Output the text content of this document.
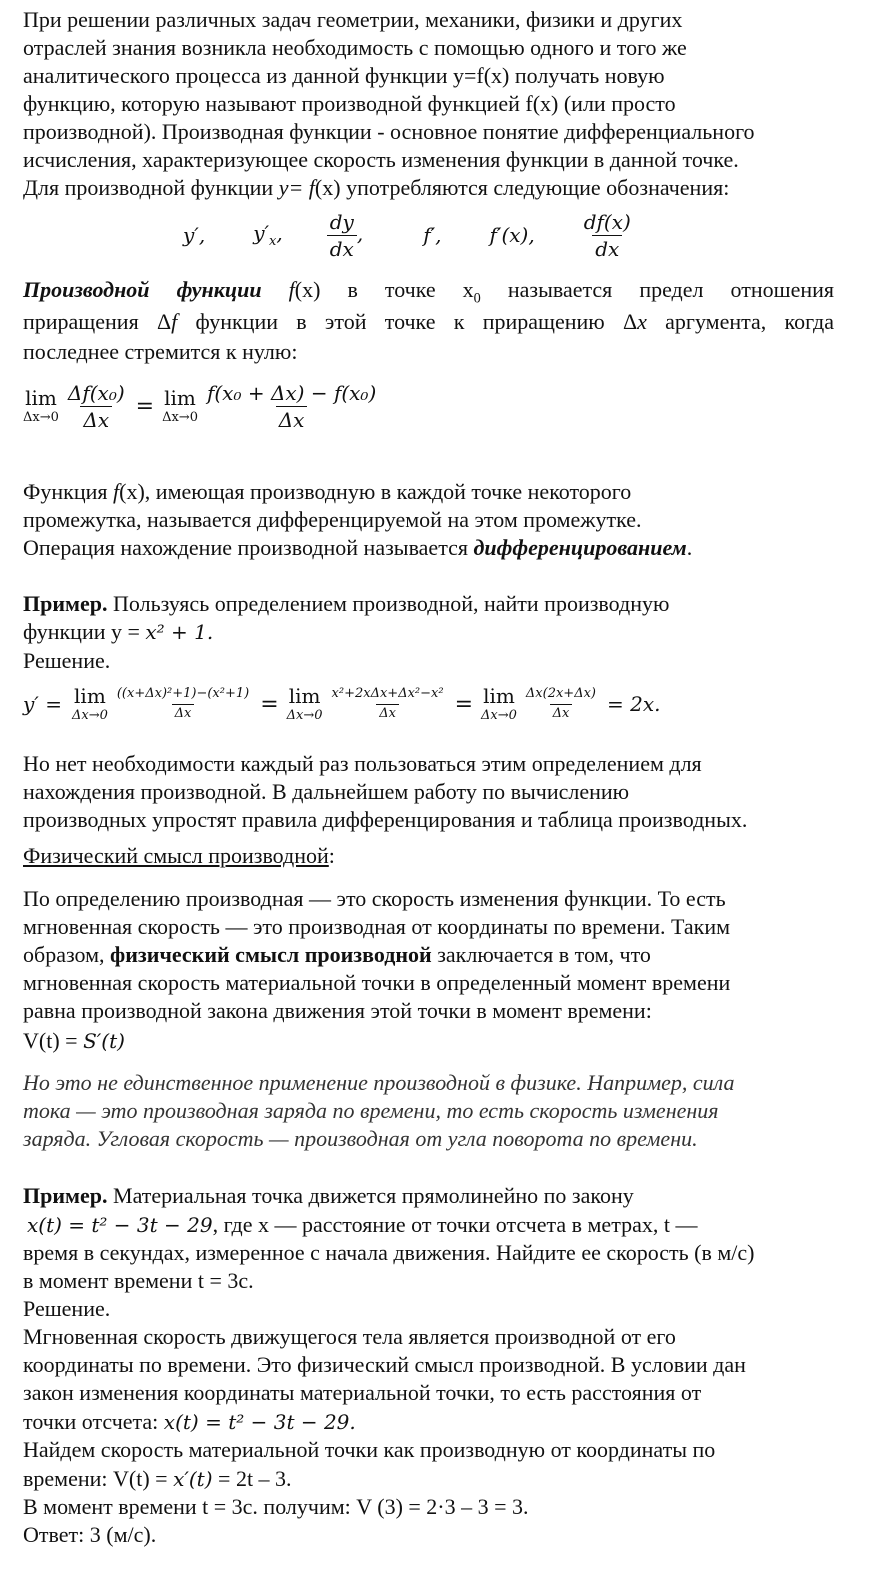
При решении различных задач геометрии, механики, физики и других
отраслей знания возникла необходимость с помощью одного и того же
аналитического процесса из данной функции y=f(x) получать новую
функцию, которую называют производной функцией f(x) (или просто
производной). Производная функции - основное понятие дифференциального
исчисления, характеризующее скорость изменения функции в данной точке.
Для производной функции y= f(x) употребляются следующие обозначения:
y′, $y'_x$, $\frac{dy}{dx}$ ,	f′, f′(x), $\frac{df(x)}{dx}$
Производной функции f(x) в точке $x_0$ называется предел отношения
приращения Δf функции в этой точке к приращению Δx аргумента, когда
последнее стремится к нулю:
lim
$\Delta x\to 0 \frac{\text{Δf(x₀)}}{\Delta x} = \lim$
$\Delta x\to 0 \frac{\text{f(x₀ + Δx) − f(x₀)}}{\Delta x}$
Функция f(x), имеющая производную в каждой точке некоторого
промежутка, называется дифференцируемой на этом промежутке.
Операция нахождение производной называется дифференцированием.
Пример. Пользуясь определением производной, найти производную
функции y = x² + 1.
Решение.
y′ = lim
$\Delta x\to 0 \frac{\text{((x+Δx)²+1)−(x²+1)}}{\Delta x} = \lim$
$\Delta x\to 0 \frac{\text{x²+2xΔx+Δx²−x²}}{\Delta x} = \lim$
$\Delta x\to 0 \frac{\Delta x(2x+\Delta x)}{\Delta x} = 2x$.
Но нет необходимости каждый раз пользоваться этим определением для
нахождения производной. В дальнейшем работу по вычислению
производных упростят правила дифференцирования и таблица производных.
Физический смысл производной:
По определению производная — это скорость изменения функции. То есть
мгновенная скорость — это производная от координаты по времени. Таким
образом, физический смысл производной заключается в том, что
мгновенная скорость материальной точки в определенный момент времени
равна производной закона движения этой точки в момент времени:
V(t) = S′(t)
Но это не единственное применение производной в физике. Например, сила
тока — это производная заряда по времени, то есть скорость изменения
заряда. Угловая скорость — производная от угла поворота по времени.
Пример. Материальная точка движется прямолинейно по закону
x(t) = t² − 3t − 29, где x — расстояние от точки отсчета в метрах, t —
время в секундах, измеренное с начала движения. Найдите ее скорость (в м/с)
в момент времени t = 3с.
Решение.
Мгновенная скорость движущегося тела является производной от его
координаты по времени. Это физический смысл производной. В условии дан
закон изменения координаты материальной точки, то есть расстояния от
точки отсчета: x(t) = t² − 3t − 29.
Найдем скорость материальной точки как производную от координаты по
времени: V(t) = x′(t) = 2t – 3.
В момент времени t = 3с. получим: V (3) = 2·3 – 3 = 3.
Ответ: 3 (м/с).
